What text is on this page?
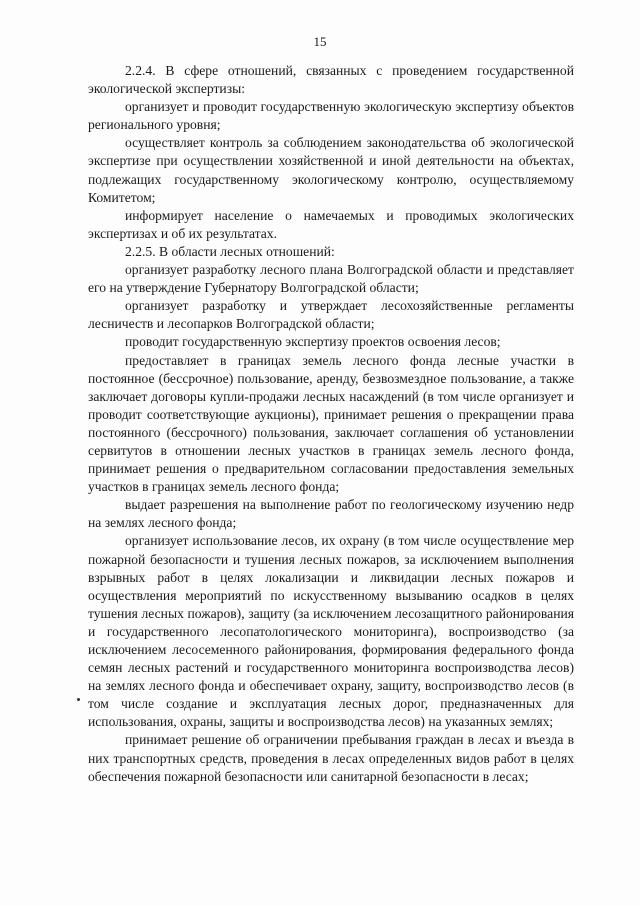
15

2.2.4. В сфере отношений, связанных с проведением государственной экологической экспертизы:

организует и проводит государственную экологическую экспертизу объектов регионального уровня;

осуществляет контроль за соблюдением законодательства об экологической экспертизе при осуществлении хозяйственной и иной деятельности на объектах, подлежащих государственному экологическому контролю, осуществляемому Комитетом;

информирует население о намечаемых и проводимых экологических экспертизах и об их результатах.

2.2.5. В области лесных отношений:

организует разработку лесного плана Волгоградской области и представляет его на утверждение Губернатору Волгоградской области;

организует разработку и утверждает лесохозяйственные регламенты лесничеств и лесопарков Волгоградской области;

проводит государственную экспертизу проектов освоения лесов;

предоставляет в границах земель лесного фонда лесные участки в постоянное (бессрочное) пользование, аренду, безвозмездное пользование, а также заключает договоры купли-продажи лесных насаждений (в том числе организует и проводит соответствующие аукционы), принимает решения о прекращении права постоянного (бессрочного) пользования, заключает соглашения об установлении сервитутов в отношении лесных участков в границах земель лесного фонда, принимает решения о предварительном согласовании предоставления земельных участков в границах земель лесного фонда;

выдает разрешения на выполнение работ по геологическому изучению недр на землях лесного фонда;

организует использование лесов, их охрану (в том числе осуществление мер пожарной безопасности и тушения лесных пожаров, за исключением выполнения взрывных работ в целях локализации и ликвидации лесных пожаров и осуществления мероприятий по искусственному вызыванию осадков в целях тушения лесных пожаров), защиту (за исключением лесозащитного районирования и государственного лесопатологического мониторинга), воспроизводство (за исключением лесосеменного районирования, формирования федерального фонда семян лесных растений и государственного мониторинга воспроизводства лесов) на землях лесного фонда и обеспечивает охрану, защиту, воспроизводство лесов (в том числе создание и эксплуатация лесных дорог, предназначенных для использования, охраны, защиты и воспроизводства лесов) на указанных землях;

принимает решение об ограничении пребывания граждан в лесах и въезда в них транспортных средств, проведения в лесах определенных видов работ в целях обеспечения пожарной безопасности или санитарной безопасности в лесах;
